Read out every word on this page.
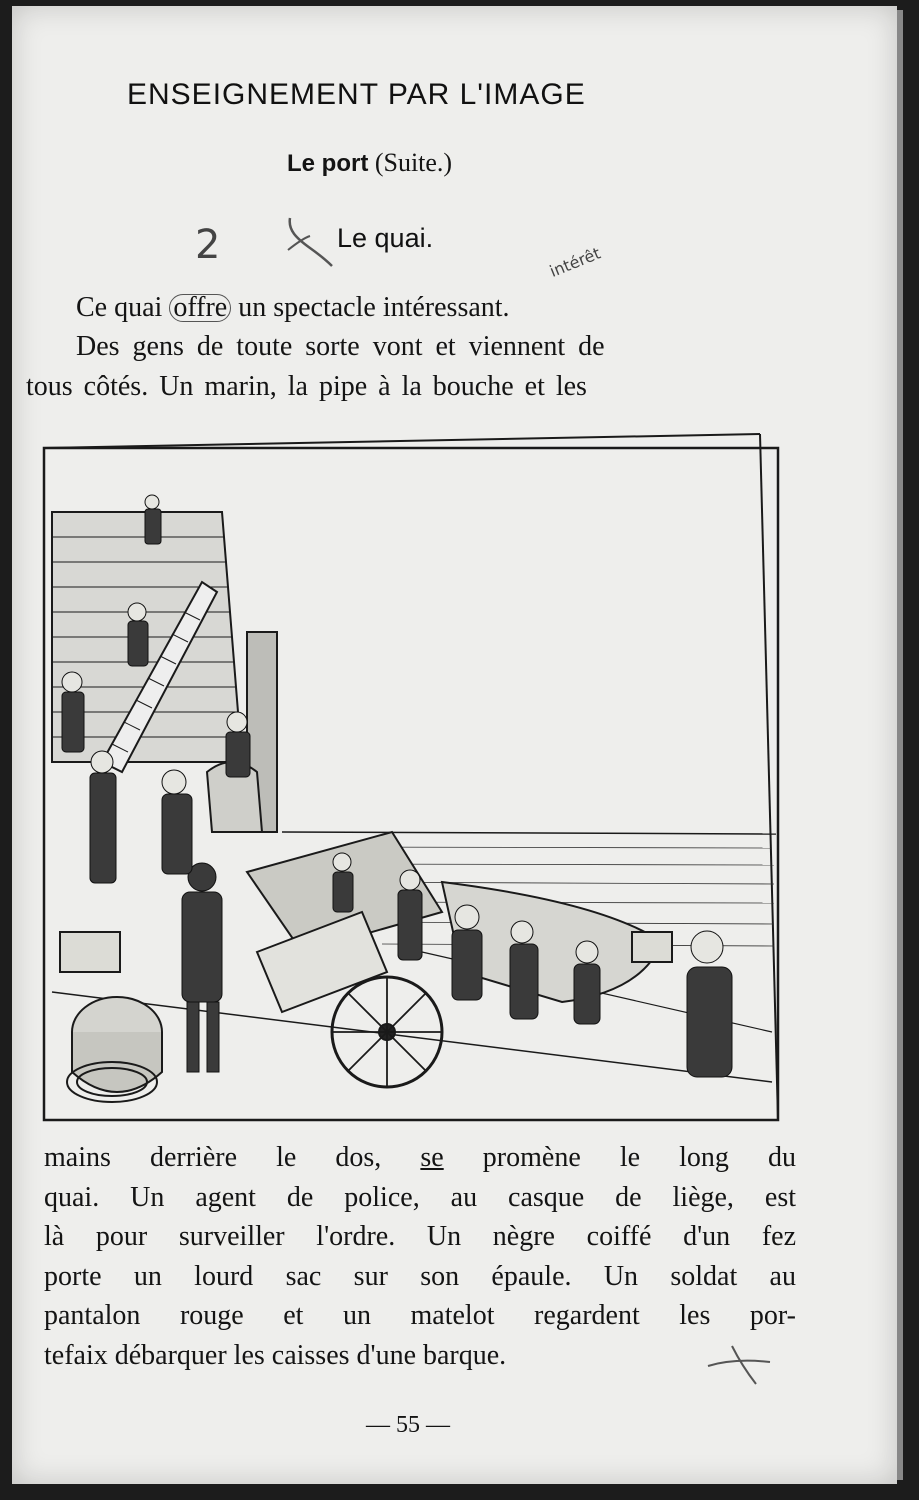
ENSEIGNEMENT PAR L'IMAGE
Le port (Suite.)
2	Le quai.
intérêt
Ce quai offre un spectacle intéressant.
Des gens de toute sorte vont et viennent de
tous côtés. Un marin, la pipe à la bouche et les
mains derrière le dos, se promène le long du
quai. Un agent de police, au casque de liège, est
là pour surveiller l'ordre. Un nègre coiffé d'un fez
porte un lourd sac sur son épaule. Un soldat au
pantalon rouge et un matelot regardent les por-
tefaix débarquer les caisses d'une barque.
— 55 —
